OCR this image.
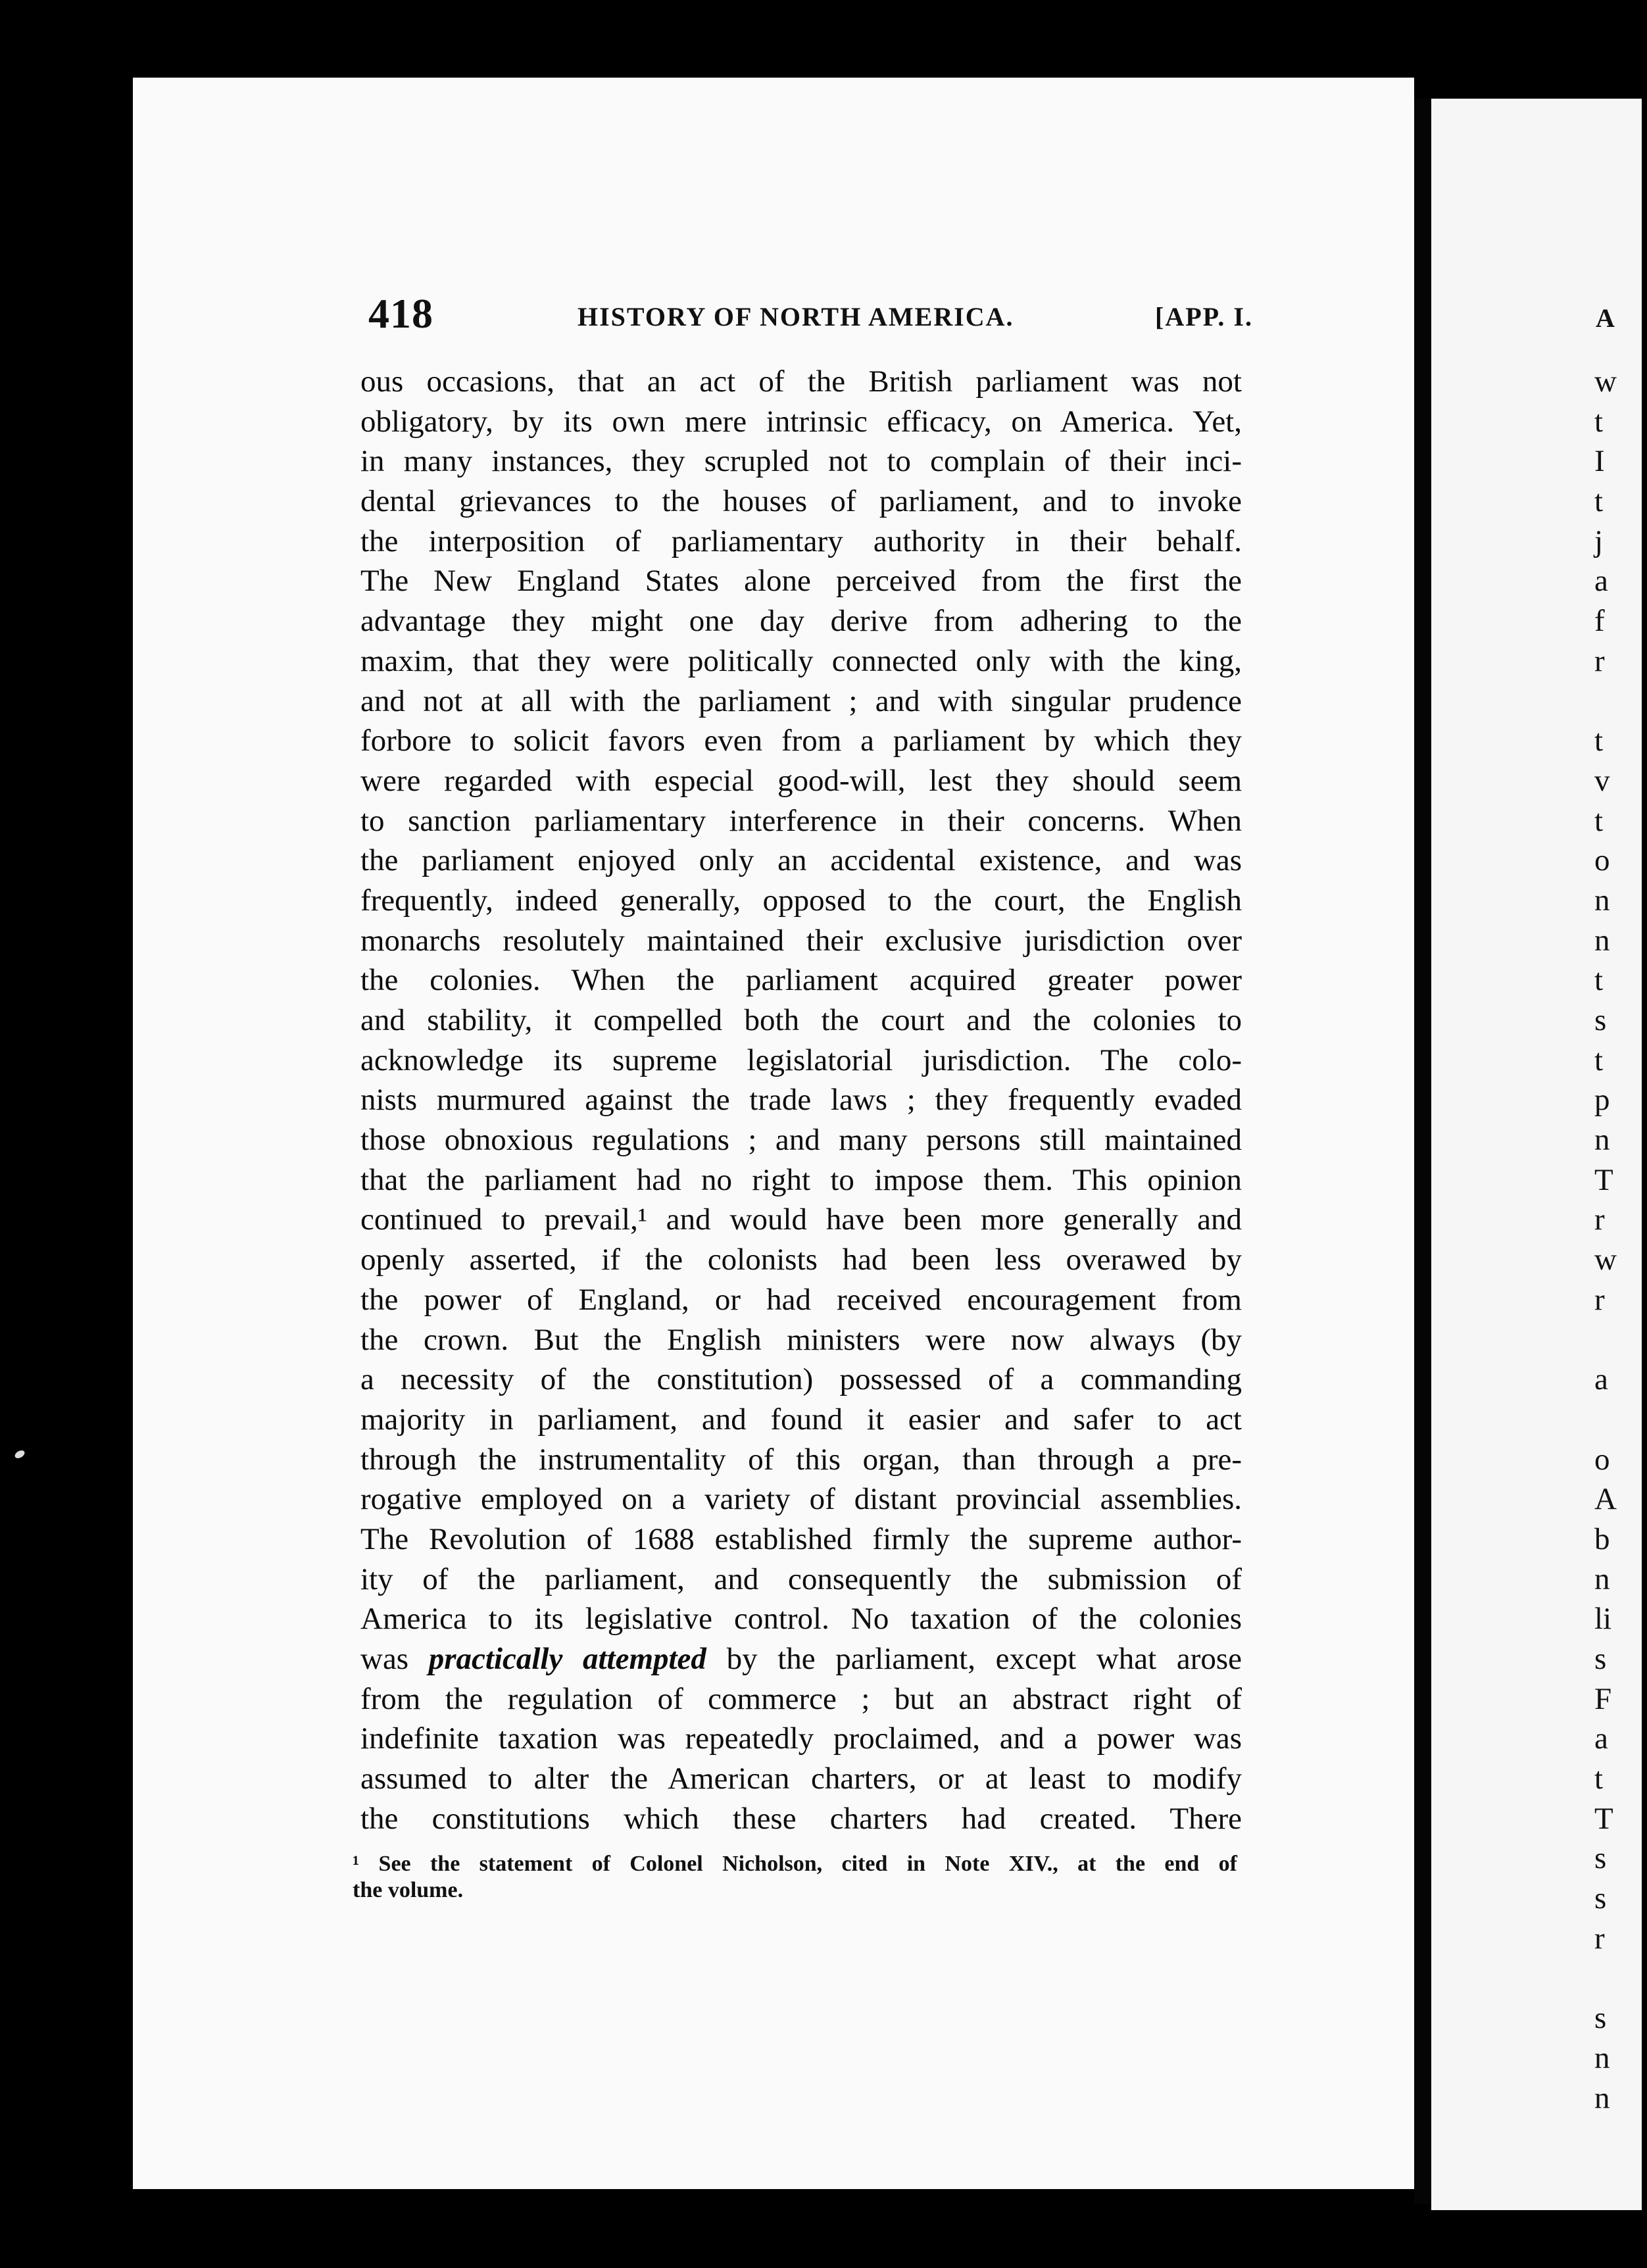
A
w
t
I
t
j
a
f
r
t
v
t
o
n
n
t
s
t
p
n
T
r
w
r
a
o
A
b
n
li
s
F
a
t
T
s
s
r
s
n
n
418	HISTORY OF NORTH AMERICA.	[APP. I.
ous occasions, that an act of the British parliament was not
obligatory, by its own mere intrinsic efficacy, on America. Yet,
in many instances, they scrupled not to complain of their inci-
dental grievances to the houses of parliament, and to invoke
the interposition of parliamentary authority in their behalf.
The New England States alone perceived from the first the
advantage they might one day derive from adhering to the
maxim, that they were politically connected only with the king,
and not at all with the parliament ; and with singular prudence
forbore to solicit favors even from a parliament by which they
were regarded with especial good-will, lest they should seem
to sanction parliamentary interference in their concerns. When
the parliament enjoyed only an accidental existence, and was
frequently, indeed generally, opposed to the court, the English
monarchs resolutely maintained their exclusive jurisdiction over
the colonies. When the parliament acquired greater power
and stability, it compelled both the court and the colonies to
acknowledge its supreme legislatorial jurisdiction. The colo-
nists murmured against the trade laws ; they frequently evaded
those obnoxious regulations ; and many persons still maintained
that the parliament had no right to impose them. This opinion
continued to prevail,¹ and would have been more generally and
openly asserted, if the colonists had been less overawed by
the power of England, or had received encouragement from
the crown. But the English ministers were now always (by
a necessity of the constitution) possessed of a commanding
majority in parliament, and found it easier and safer to act
through the instrumentality of this organ, than through a pre-
rogative employed on a variety of distant provincial assemblies.
The Revolution of 1688 established firmly the supreme author-
ity of the parliament, and consequently the submission of
America to its legislative control. No taxation of the colonies
was practically attempted by the parliament, except what arose
from the regulation of commerce ; but an abstract right of
indefinite taxation was repeatedly proclaimed, and a power was
assumed to alter the American charters, or at least to modify
the constitutions which these charters had created. There
¹ See the statement of Colonel Nicholson, cited in Note XIV., at the end of
the volume.
